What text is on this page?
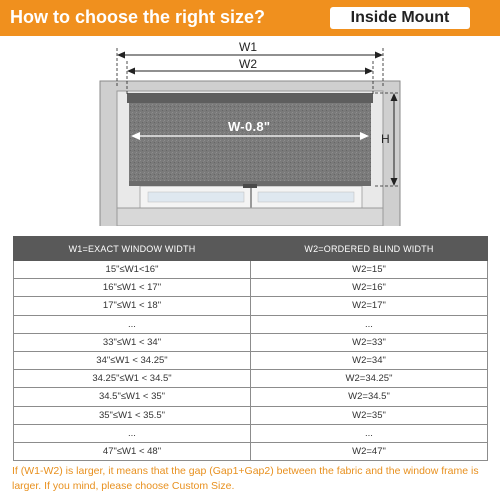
How to choose the right size?	Inside Mount
W1
W2
W-0.8"
H
W1=EXACT WINDOW WIDTH	W2=ORDERED BLIND WIDTH
15"≤W1<16"	W2=15"
16"≤W1 < 17"	W2=16"
17"≤W1 < 18"	W2=17"
...	...
33"≤W1 < 34"	W2=33"
34"≤W1 < 34.25"	W2=34"
34.25"≤W1 < 34.5"	W2=34.25"
34.5"≤W1 < 35"	W2=34.5"
35"≤W1 < 35.5"	W2=35"
...	...
47"≤W1 < 48"	W2=47"
If (W1-W2) is larger, it means that the gap (Gap1+Gap2) between the fabric and the window frame is larger. If you mind, please choose Custom Size.
